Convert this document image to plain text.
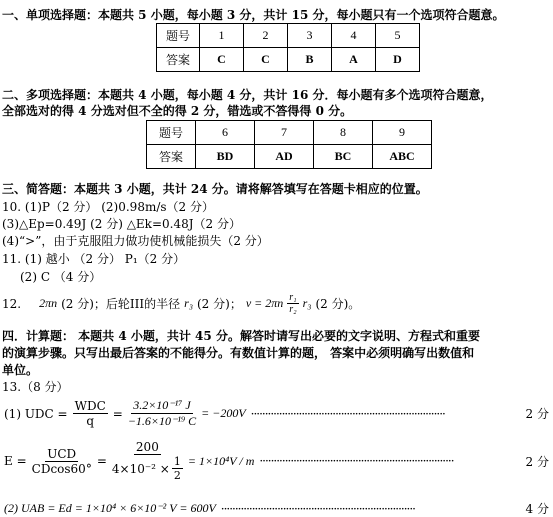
一、单项选择题：本题共 5 小题，每小题 3 分，共计 15 分，每小题只有一个选项符合题意。
题号	1	2	3	4	5
答案	C	C	B	A	D
二、多项选择题：本题共 4 小题，每小题 4 分，共计 16 分．每小题有多个选项符合题意，
全部选对的得 4 分选对但不全的得 2 分，错选或不答得得 0 分。
题号	6	7	8	9
答案	BD	AD	BC	ABC
三、简答题：本题共 3 小题，共计 24 分。请将解答填写在答题卡相应的位置。
10. (1)P（2 分） (2)0.98m/s（2 分）
(3)△Ep=0.49J (2 分) △Ek=0.48J（2 分）
(4)“>”，由于克服阻力做功使机械能损失（2 分）
11. (1) 越小 （2 分） P₁（2 分）
(2) C （4 分）
12. 2πn (2 分)；后轮III的半径 r₃ (2 分)； $v = 2\pi n \frac{\text{r₁}}{\text{r₂}} r_3$ (2 分)。
四．计算题： 本题共 4 小题，共计 45 分。解答时请写出必要的文字说明、方程式和重要
的演算步骤。只写出最后答案的不能得分。有数值计算的题， 答案中必须明确写出数值和
单位。
13.（8 分）
(1) UDC = $\frac{\text{WDC}}{q} = \frac{\text{3.2×10⁻¹⁷ J}}{\text{−1.6×10⁻¹⁹ C}} = -200V$ ·····································································	2 分
$E = \frac{\text{UCD}}{CDcos60^\circ} = \frac{200}{4\times 10^{-2} \times \frac{1}{2}} = 1\times 10^4V / m$ ·····································································	2 分
(2) UAB = Ed = 1×10⁴ × 6×10⁻² V = 600V ·····································································	4 分
